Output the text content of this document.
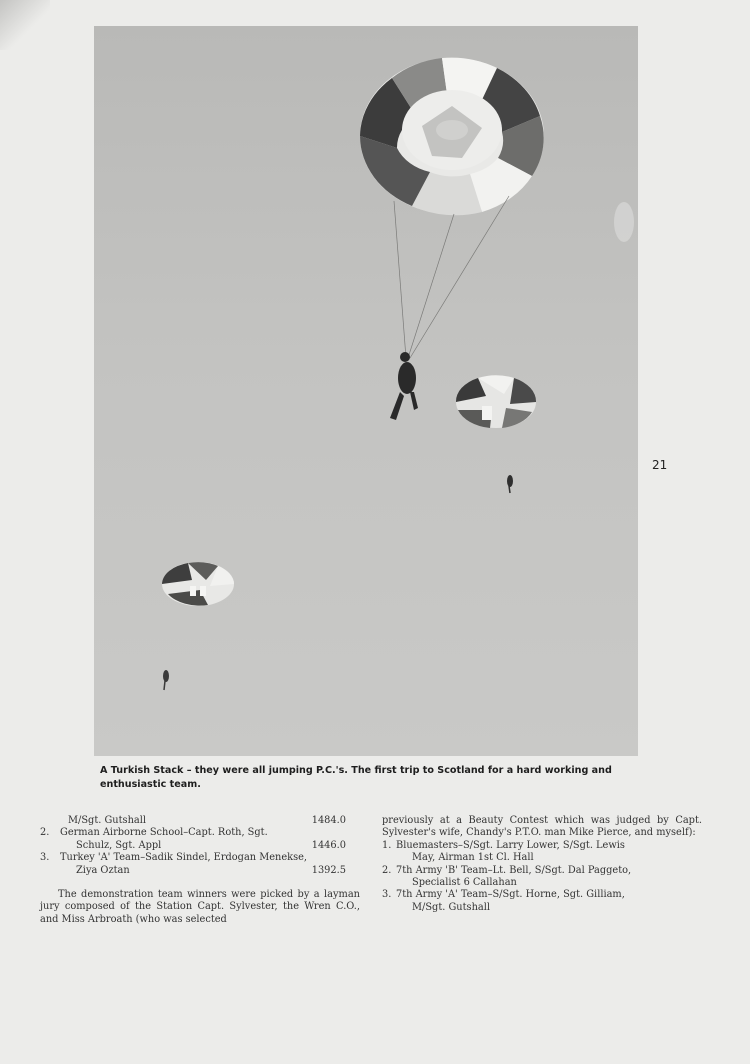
21

A Turkish Stack – they were all jumping P.C.'s. The first trip to Scotland for a hard working and enthusiastic team.

M/Sgt. Gutshall	1484.0
2. German Airborne School–Capt. Roth, Sgt.
Schulz, Sgt. Appl	1446.0
3. Turkey 'A' Team–Sadik Sindel, Erdogan Menekse,
Ziya Oztan	1392.5

The demonstration team winners were picked by a layman jury composed of the Station Capt. Sylvester, the Wren C.O., and Miss Arbroath (who was selected

previously at a Beauty Contest which was judged by Capt. Sylvester's wife, Chandy's P.T.O. man Mike Pierce, and myself):
1. Bluemasters–S/Sgt. Larry Lower, S/Sgt. Lewis
May, Airman 1st Cl. Hall
2. 7th Army 'B' Team–Lt. Bell, S/Sgt. Dal Paggeto,
Specialist 6 Callahan
3. 7th Army 'A' Team–S/Sgt. Horne, Sgt. Gilliam,
M/Sgt. Gutshall
